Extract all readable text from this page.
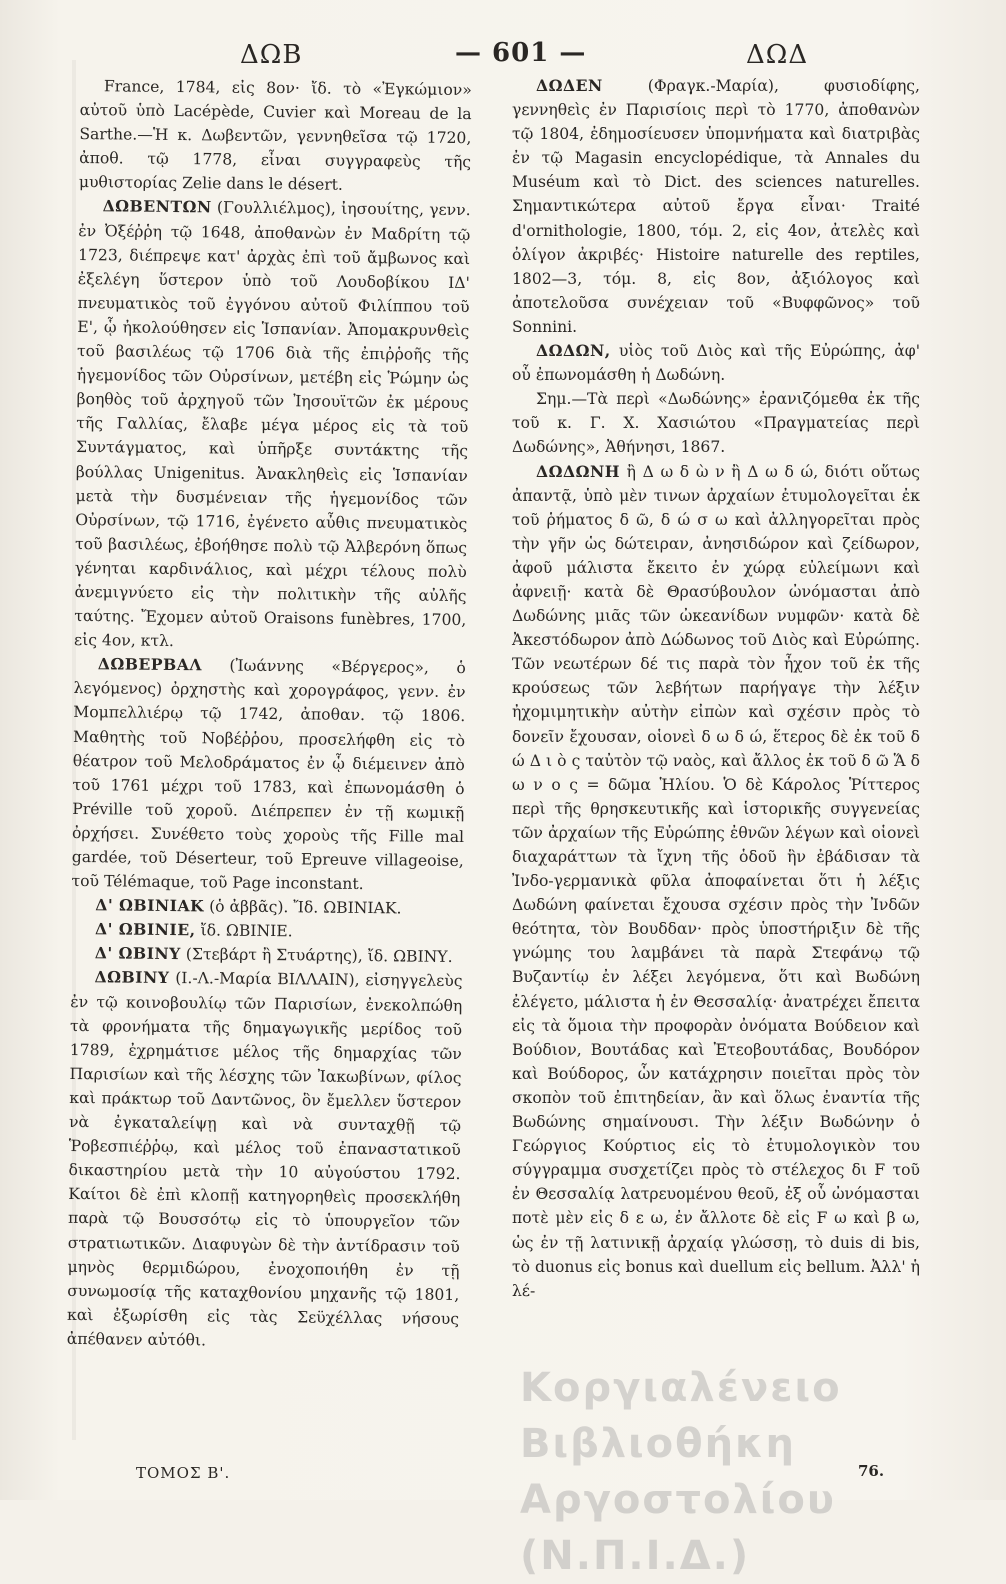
ΔΩΒ	— 601 —	ΔΩΔ

France, 1784, εἰς 8ον· ἴδ. τὸ «Ἐγκώμιον» αὐτοῦ ὑπὸ Lacépède, Cuvier καὶ Moreau de la Sarthe.—Ἡ κ. Δωβεντῶν, γεννηθεῖσα τῷ 1720, ἀποθ. τῷ 1778, εἶναι συγγραφεὺς τῆς μυθιστορίας Zelie dans le désert.

ΔΩΒΕΝΤΩΝ (Γουλλιέλμος), ἰησουίτης, γενν. ἐν Ὀξέῤῥη τῷ 1648, ἀποθανὼν ἐν Μαδρίτη τῷ 1723, διέπρεψε κατ' ἀρχὰς ἐπὶ τοῦ ἄμβωνος καὶ ἐξελέγη ὕστερον ὑπὸ τοῦ Λουδοβίκου ΙΔ' πνευματικὸς τοῦ ἐγγόνου αὐτοῦ Φιλίππου τοῦ Ε', ᾧ ἠκολούθησεν εἰς Ἱσπανίαν. Ἀπομακρυνθεὶς τοῦ βασιλέως τῷ 1706 διὰ τῆς ἐπιῤῥοῆς τῆς ἡγεμονίδος τῶν Οὐρσίνων, μετέβη εἰς Ῥώμην ὡς βοηθὸς τοῦ ἀρχηγοῦ τῶν Ἰησουϊτῶν ἐκ μέρους τῆς Γαλλίας, ἔλαβε μέγα μέρος εἰς τὰ τοῦ Συντάγματος, καὶ ὑπῆρξε συντάκτης τῆς βούλλας Unigenitus. Ἀνακληθεὶς εἰς Ἱσπανίαν μετὰ τὴν δυσμένειαν τῆς ἡγεμονίδος τῶν Οὐρσίνων, τῷ 1716, ἐγένετο αὖθις πνευματικὸς τοῦ βασιλέως, ἐβοήθησε πολὺ τῷ Ἀλβερόνη ὅπως γένηται καρδινάλιος, καὶ μέχρι τέλους πολὺ ἀνεμιγνύετο εἰς τὴν πολιτικὴν τῆς αὐλῆς ταύτης. Ἔχομεν αὐτοῦ Oraisons funèbres, 1700, εἰς 4ον, κτλ.

ΔΩΒΕΡΒΑΛ (Ἰωάννης «Βέργερος», ὁ λεγόμενος) ὀρχηστὴς καὶ χορογράφος, γενν. ἐν Μομπελλιέρῳ τῷ 1742, ἀποθαν. τῷ 1806. Μαθητὴς τοῦ Νοβέῤῥου, προσελήφθη εἰς τὸ θέατρον τοῦ Μελοδράματος ἐν ᾧ διέμεινεν ἀπὸ τοῦ 1761 μέχρι τοῦ 1783, καὶ ἐπωνομάσθη ὁ Préville τοῦ χοροῦ. Διέπρεπεν ἐν τῇ κωμικῇ ὀρχήσει. Συνέθετο τοὺς χοροὺς τῆς Fille mal gardée, τοῦ Déserteur, τοῦ Epreuve villageoise, τοῦ Télémaque, τοῦ Page inconstant.

Δ' ΩΒΙΝΙΑΚ (ὁ ἀββᾶς). Ἴδ. ΩΒΙΝΙΑΚ.

Δ' ΩΒΙΝΙΕ, ἴδ. ΩΒΙΝΙΕ.

Δ' ΩΒΙΝΥ (Στεβάρτ ἢ Στυάρτης), ἴδ. ΩΒΙΝΥ.

ΔΩΒΙΝΥ (Ι.-Λ.-Μαρία ΒΙΛΛΑΙΝ), εἰσηγγελεὺς ἐν τῷ κοινοβουλίῳ τῶν Παρισίων, ἐνεκολπώθη τὰ φρονήματα τῆς δημαγωγικῆς μερίδος τοῦ 1789, ἐχρημάτισε μέλος τῆς δημαρχίας τῶν Παρισίων καὶ τῆς λέσχης τῶν Ἰακωβίνων, φίλος καὶ πράκτωρ τοῦ Δαντῶνος, ὃν ἔμελλεν ὕστερον νὰ ἐγκαταλείψῃ καὶ νὰ συνταχθῇ τῷ Ῥοβεσπιέῤῥῳ, καὶ μέλος τοῦ ἐπαναστατικοῦ δικαστηρίου μετὰ τὴν 10 αὐγούστου 1792. Καίτοι δὲ ἐπὶ κλοπῇ κατηγορηθεὶς προσεκλήθη παρὰ τῷ Βουσσότῳ εἰς τὸ ὑπουργεῖον τῶν στρατιωτικῶν. Διαφυγὼν δὲ τὴν ἀντίδρασιν τοῦ μηνὸς θερμιδώρου, ἐνοχοποιήθη ἐν τῇ συνωμοσίᾳ τῆς καταχθονίου μηχανῆς τῷ 1801, καὶ ἐξωρίσθη εἰς τὰς Σεϋχέλλας νήσους ἀπέθανεν αὐτόθι.

ΔΩΔΕΝ	(Φραγκ.-Μαρία), φυσιοδίφης, γεννηθεὶς ἐν Παρισίοις περὶ τὸ 1770, ἀποθανὼν τῷ 1804, ἐδημοσίευσεν ὑπομνήματα καὶ διατριβὰς ἐν τῷ Magasin encyclopédique, τὰ Annales du Muséum καὶ τὸ Dict. des sciences naturelles. Σημαντικώτερα αὐτοῦ ἔργα εἶναι· Traité d'ornithologie, 1800, τόμ. 2, εἰς 4ον, ἀτελὲς καὶ ὀλίγον ἀκριβές· Histoire naturelle des reptiles, 1802—3, τόμ. 8, εἰς 8ον, ἀξιόλογος καὶ ἀποτελοῦσα συνέχειαν τοῦ «Βυφφῶνος» τοῦ Sonnini.

ΔΩΔΩΝ, υἱὸς τοῦ Διὸς καὶ τῆς Εὐρώπης, ἀφ' οὗ ἐπωνομάσθη ἡ Δωδώνη.

Σημ.—Τὰ περὶ «Δωδώνης» ἐρανιζόμεθα ἐκ τῆς τοῦ κ. Γ. Χ. Χασιώτου «Πραγματείας περὶ Δωδώνης», Ἀθήνησι, 1867.

ΔΩΔΩΝΗ ἢ Δ ω δ ὼ ν ἢ Δ ω δ ώ, διότι οὕτως ἀπαντᾷ, ὑπὸ μὲν τινων ἀρχαίων ἐτυμολογεῖται ἐκ τοῦ ῥήματος δ ῶ, δ ώ σ ω καὶ ἀλληγορεῖται πρὸς τὴν γῆν ὡς δώτειραν, ἀνησιδώρον καὶ ζείδωρον, ἀφοῦ μάλιστα ἔκειτο ἐν χώρᾳ εὐλείμωνι καὶ ἀφνειῇ· κατὰ δὲ Θρασύβουλον ὠνόμασται ἀπὸ Δωδώνης μιᾶς τῶν ὠκεανίδων νυμφῶν· κατὰ δὲ Ἀκεστόδωρον ἀπὸ Δώδωνος τοῦ Διὸς καὶ Εὐρώπης. Τῶν νεωτέρων δέ τις παρὰ τὸν ἦχον τοῦ ἐκ τῆς κρούσεως τῶν λεβήτων παρήγαγε τὴν λέξιν ἠχομιμητικὴν αὐτὴν εἰπὼν καὶ σχέσιν πρὸς τὸ δονεῖν ἔχουσαν, οἱονεὶ δ ω δ ώ, ἕτερος δὲ ἐκ τοῦ δ ώ Δ ι ὸ ς ταὐτὸν τῷ ναὸς, καὶ ἄλλος ἐκ τοῦ δ ῶ Ἅ δ ω ν ο ς = δῶμα Ἡλίου. Ὁ δὲ Κάρολος Ῥίττερος περὶ τῆς θρησκευτικῆς καὶ ἱστορικῆς συγγενείας τῶν ἀρχαίων τῆς Εὐρώπης ἐθνῶν λέγων καὶ οἱονεὶ διαχαράττων τὰ ἴχνη τῆς ὁδοῦ ἣν ἐβάδισαν τὰ Ἰνδο-γερμανικὰ φῦλα ἀποφαίνεται ὅτι ἡ λέξις Δωδώνη φαίνεται ἔχουσα σχέσιν πρὸς τὴν Ἰνδῶν θεότητα, τὸν Βουδδαν· πρὸς ὑποστήριξιν δὲ τῆς γνώμης του λαμβάνει τὰ παρὰ Στεφάνῳ τῷ Βυζαντίῳ ἐν λέξει λεγόμενα, ὅτι καὶ Βωδώνη ἐλέγετο, μάλιστα ἡ ἐν Θεσσαλίᾳ· ἀνατρέχει ἔπειτα εἰς τὰ ὅμοια τὴν προφορὰν ὀνόματα Βούδειον καὶ Βούδιον, Βουτάδας καὶ Ἐτεοβουτάδας, Βουδόρον καὶ Βούδορος, ὧν κατάχρησιν ποιεῖται πρὸς τὸν σκοπὸν τοῦ ἐπιτηδείαν, ἂν καὶ ὅλως ἐναντία τῆς Βωδώνης σημαίνουσι. Τὴν λέξιν Βωδώνην ὁ Γεώργιος Κούρτιος εἰς τὸ ἐτυμολογικὸν του σύγγραμμα συσχετίζει πρὸς τὸ στέλεχος δι F τοῦ ἐν Θεσσαλίᾳ λατρευομένου θεοῦ, ἐξ οὗ ὠνόμασται ποτὲ μὲν εἰς δ ε ω, ἐν ἄλλοτε δὲ εἰς F ω καὶ β ω, ὡς ἐν τῇ λατινικῇ ἀρχαίᾳ γλώσσῃ, τὸ duis di bis, τὸ duonus εἰς bonus καὶ duellum εἰς bellum. Ἀλλ' ἡ λέ-

ΤΟΜΟΣ Β'.	76.
Κοργιαλένειο Βιβλιοθήκη
Αργοστολίου (Ν.Π.Ι.Δ.)
